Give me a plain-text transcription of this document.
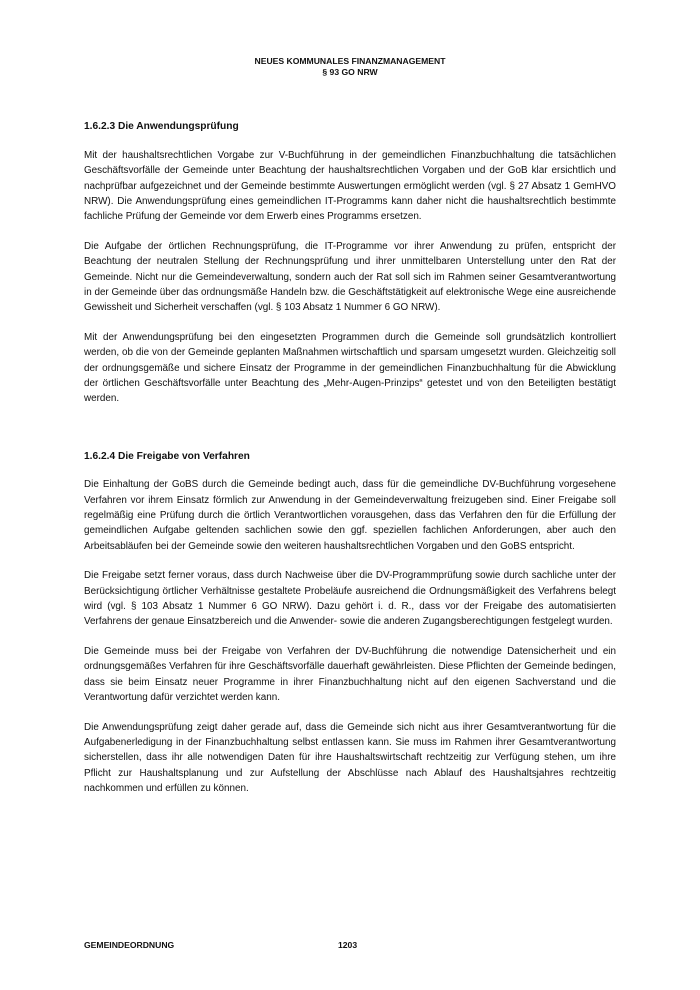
NEUES KOMMUNALES FINANZMANAGEMENT
§ 93 GO NRW
1.6.2.3 Die Anwendungsprüfung

Mit der haushaltsrechtlichen Vorgabe zur V-Buchführung in der gemeindlichen Finanzbuchhaltung die tatsächlichen Geschäftsvorfälle der Gemeinde unter Beachtung der haushaltsrechtlichen Vorgaben und der GoB klar ersichtlich und nachprüfbar aufgezeichnet und der Gemeinde bestimmte Auswertungen ermöglicht werden (vgl. § 27 Absatz 1 GemHVO NRW). Die Anwendungsprüfung eines gemeindlichen IT-Programms kann daher nicht die haushaltsrechtlich bestimmte fachliche Prüfung der Gemeinde vor dem Erwerb eines Programms ersetzen.

Die Aufgabe der örtlichen Rechnungsprüfung, die IT-Programme vor ihrer Anwendung zu prüfen, entspricht der Beachtung der neutralen Stellung der Rechnungsprüfung und ihrer unmittelbaren Unterstellung unter den Rat der Gemeinde. Nicht nur die Gemeindeverwaltung, sondern auch der Rat soll sich im Rahmen seiner Gesamtverantwortung in der Gemeinde über das ordnungsmäße Handeln bzw. die Geschäftstätigkeit auf elektronische Wege eine ausreichende Gewissheit und Sicherheit verschaffen (vgl. § 103 Absatz 1 Nummer 6 GO NRW).

Mit der Anwendungsprüfung bei den eingesetzten Programmen durch die Gemeinde soll grundsätzlich kontrolliert werden, ob die von der Gemeinde geplanten Maßnahmen wirtschaftlich und sparsam umgesetzt wurden. Gleichzeitig soll der ordnungsgemäße und sichere Einsatz der Programme in der gemeindlichen Finanzbuchhaltung für die Abwicklung der örtlichen Geschäftsvorfälle unter Beachtung des „Mehr-Augen-Prinzips“ getestet und von den Beteiligten bestätigt werden.

1.6.2.4 Die Freigabe von Verfahren

Die Einhaltung der GoBS durch die Gemeinde bedingt auch, dass für die gemeindliche DV-Buchführung vorgesehene Verfahren vor ihrem Einsatz förmlich zur Anwendung in der Gemeindeverwaltung freizugeben sind. Einer Freigabe soll regelmäßig eine Prüfung durch die örtlich Verantwortlichen vorausgehen, dass das Verfahren den für die Erfüllung der gemeindlichen Aufgabe geltenden sachlichen sowie den ggf. speziellen fachlichen Anforderungen, aber auch den Arbeitsabläufen bei der Gemeinde sowie den weiteren haushaltsrechtlichen Vorgaben und den GoBS entspricht.

Die Freigabe setzt ferner voraus, dass durch Nachweise über die DV-Programmprüfung sowie durch sachliche unter der Berücksichtigung örtlicher Verhältnisse gestaltete Probeläufe ausreichend die Ordnungsmäßigkeit des Verfahrens belegt wird (vgl. § 103 Absatz 1 Nummer 6 GO NRW). Dazu gehört i. d. R., dass vor der Freigabe des automatisierten Verfahrens der genaue Einsatzbereich und die Anwender- sowie die anderen Zugangsberechtigungen festgelegt wurden.

Die Gemeinde muss bei der Freigabe von Verfahren der DV-Buchführung die notwendige Datensicherheit und ein ordnungsgemäßes Verfahren für ihre Geschäftsvorfälle dauerhaft gewährleisten. Diese Pflichten der Gemeinde bedingen, dass sie beim Einsatz neuer Programme in ihrer Finanzbuchhaltung nicht auf den eigenen Sachverstand und die Verantwortung dafür verzichtet werden kann.

Die Anwendungsprüfung zeigt daher gerade auf, dass die Gemeinde sich nicht aus ihrer Gesamtverantwortung für die Aufgabenerledigung in der Finanzbuchhaltung selbst entlassen kann. Sie muss im Rahmen ihrer Gesamtverantwortung sicherstellen, dass ihr alle notwendigen Daten für ihre Haushaltswirtschaft rechtzeitig zur Verfügung stehen, um ihre Pflicht zur Haushaltsplanung und zur Aufstellung der Abschlüsse nach Ablauf des Haushaltsjahres rechtzeitig nachkommen und erfüllen zu können.

GEMEINDEORDNUNG	1203
